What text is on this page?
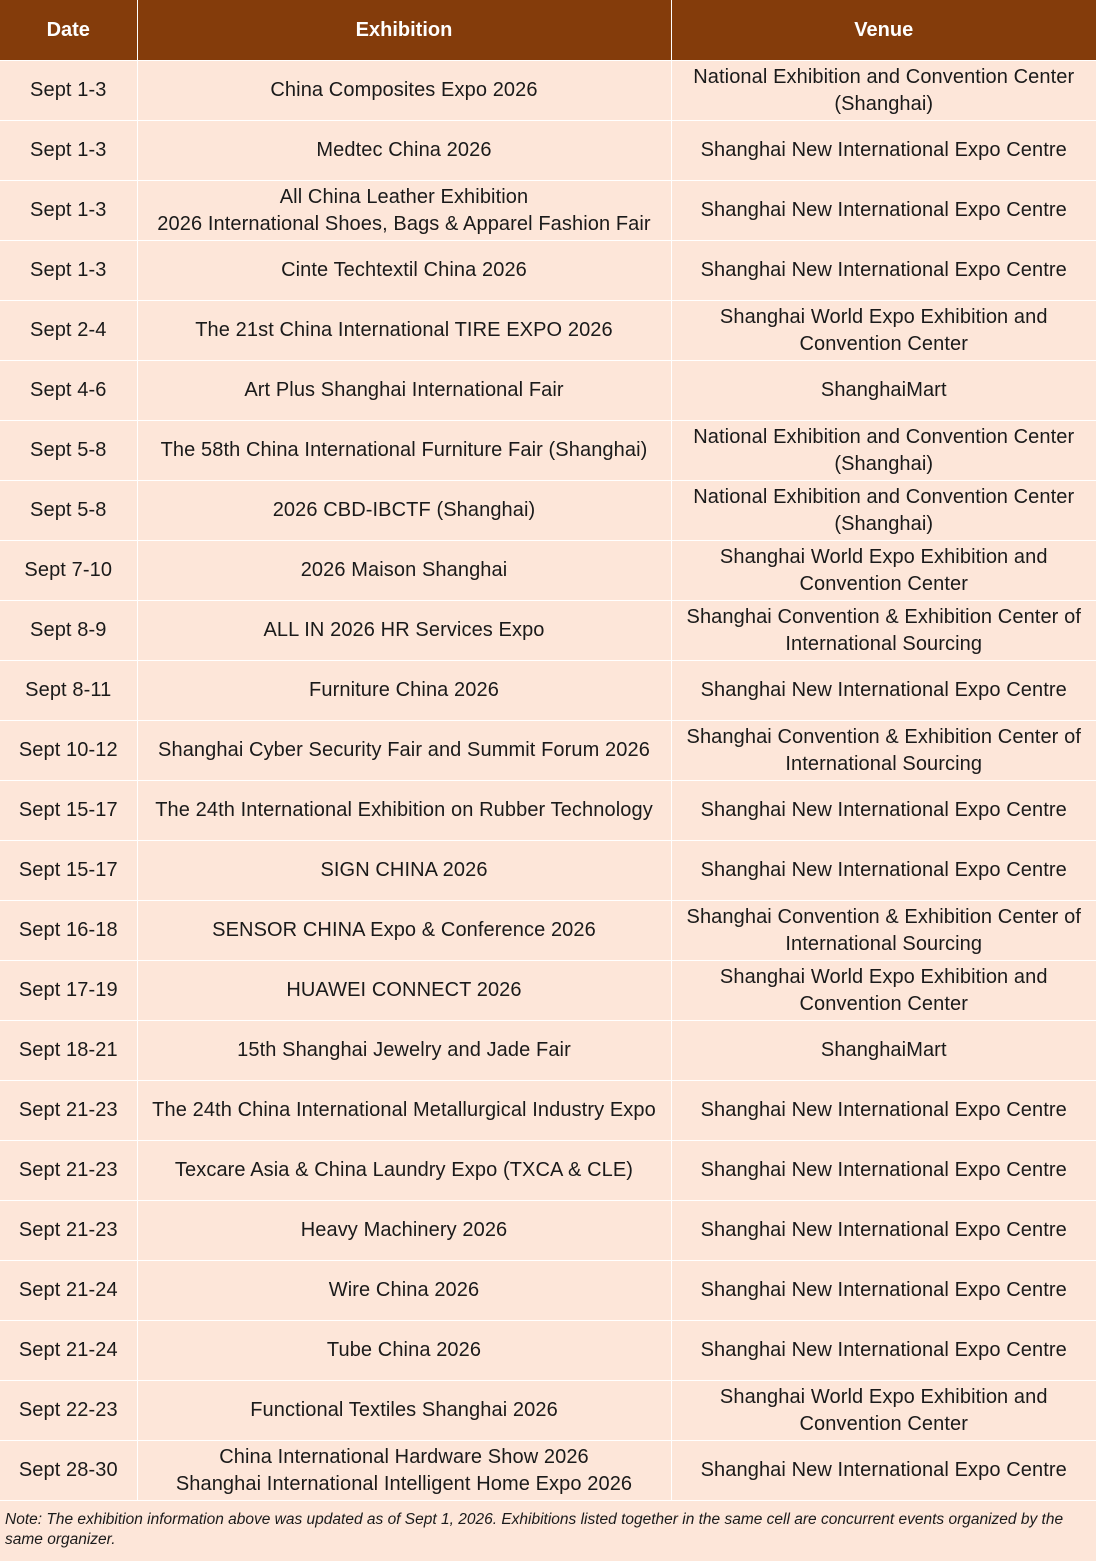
Date	Exhibition	Venue
Sept 1-3	China Composites Expo 2026	National Exhibition and Convention Center
(Shanghai)
Sept 1-3	Medtec China 2026	Shanghai New International Expo Centre
Sept 1-3	All China Leather Exhibition
2026 International Shoes, Bags & Apparel Fashion Fair	Shanghai New International Expo Centre
Sept 1-3	Cinte Techtextil China 2026	Shanghai New International Expo Centre
Sept 2-4	The 21st China International TIRE EXPO 2026	Shanghai World Expo Exhibition and
Convention Center
Sept 4-6	Art Plus Shanghai International Fair	ShanghaiMart
Sept 5-8	The 58th China International Furniture Fair (Shanghai)	National Exhibition and Convention Center
(Shanghai)
Sept 5-8	2026 CBD-IBCTF (Shanghai)	National Exhibition and Convention Center
(Shanghai)
Sept 7-10	2026 Maison Shanghai	Shanghai World Expo Exhibition and
Convention Center
Sept 8-9	ALL IN 2026 HR Services Expo	Shanghai Convention & Exhibition Center of
International Sourcing
Sept 8-11	Furniture China 2026	Shanghai New International Expo Centre
Sept 10-12	Shanghai Cyber Security Fair and Summit Forum 2026	Shanghai Convention & Exhibition Center of
International Sourcing
Sept 15-17	The 24th International Exhibition on Rubber Technology	Shanghai New International Expo Centre
Sept 15-17	SIGN CHINA 2026	Shanghai New International Expo Centre
Sept 16-18	SENSOR CHINA Expo & Conference 2026	Shanghai Convention & Exhibition Center of
International Sourcing
Sept 17-19	HUAWEI CONNECT 2026	Shanghai World Expo Exhibition and
Convention Center
Sept 18-21	15th Shanghai Jewelry and Jade Fair	ShanghaiMart
Sept 21-23	The 24th China International Metallurgical Industry Expo	Shanghai New International Expo Centre
Sept 21-23	Texcare Asia & China Laundry Expo (TXCA & CLE)	Shanghai New International Expo Centre
Sept 21-23	Heavy Machinery 2026	Shanghai New International Expo Centre
Sept 21-24	Wire China 2026	Shanghai New International Expo Centre
Sept 21-24	Tube China 2026	Shanghai New International Expo Centre
Sept 22-23	Functional Textiles Shanghai 2026	Shanghai World Expo Exhibition and
Convention Center
Sept 28-30	China International Hardware Show 2026
Shanghai International Intelligent Home Expo 2026	Shanghai New International Expo Centre
Note: The exhibition information above was updated as of Sept 1, 2026. Exhibitions listed together in the same cell are concurrent events organized by the same organizer.
